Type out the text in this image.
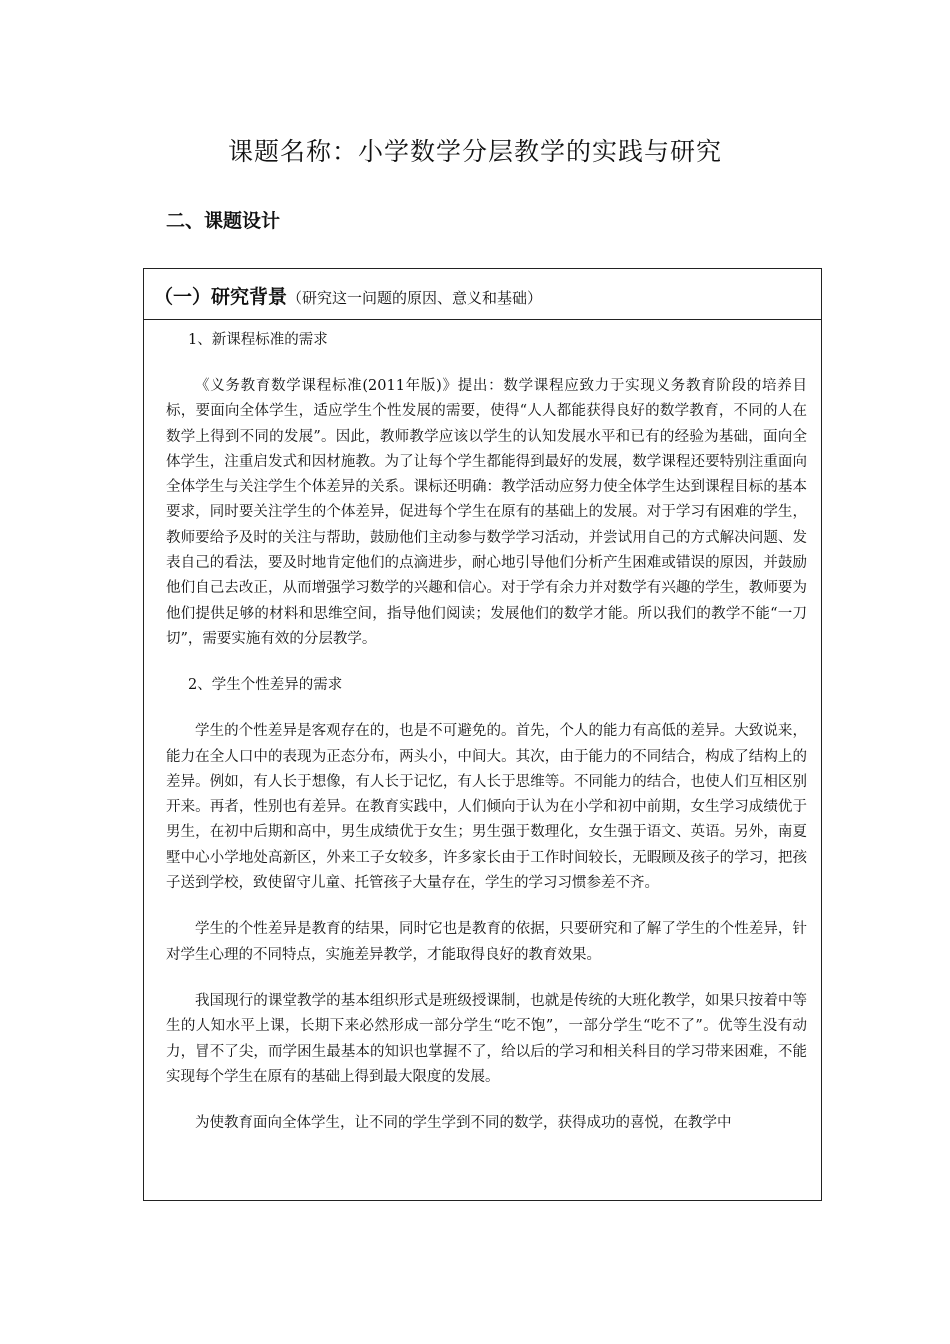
课题名称：小学数学分层教学的实践与研究
二、课题设计
（一）研究背景（研究这一问题的原因、意义和基础）

1、新课程标准的需求

《义务教育数学课程标准(2011年版)》提出：数学课程应致力于实现义务教育阶段的培养目标，要面向全体学生，适应学生个性发展的需要，使得“人人都能获得良好的数学教育，不同的人在数学上得到不同的发展”。因此，教师教学应该以学生的认知发展水平和已有的经验为基础，面向全体学生，注重启发式和因材施教。为了让每个学生都能得到最好的发展，数学课程还要特别注重面向全体学生与关注学生个体差异的关系。课标还明确：教学活动应努力使全体学生达到课程目标的基本要求，同时要关注学生的个体差异，促进每个学生在原有的基础上的发展。对于学习有困难的学生，教师要给予及时的关注与帮助，鼓励他们主动参与数学学习活动，并尝试用自己的方式解决问题、发表自己的看法，要及时地肯定他们的点滴进步，耐心地引导他们分析产生困难或错误的原因，并鼓励他们自己去改正，从而增强学习数学的兴趣和信心。对于学有余力并对数学有兴趣的学生，教师要为他们提供足够的材料和思维空间，指导他们阅读；发展他们的数学才能。所以我们的教学不能“一刀切”，需要实施有效的分层教学。

2、学生个性差异的需求

学生的个性差异是客观存在的，也是不可避免的。首先，个人的能力有高低的差异。大致说来，能力在全人口中的表现为正态分布，两头小，中间大。其次，由于能力的不同结合，构成了结构上的差异。例如，有人长于想像，有人长于记忆，有人长于思维等。不同能力的结合，也使人们互相区别开来。再者，性别也有差异。在教育实践中，人们倾向于认为在小学和初中前期，女生学习成绩优于男生，在初中后期和高中，男生成绩优于女生；男生强于数理化，女生强于语文、英语。另外，南夏墅中心小学地处高新区，外来工子女较多，许多家长由于工作时间较长，无暇顾及孩子的学习，把孩子送到学校，致使留守儿童、托管孩子大量存在，学生的学习习惯参差不齐。

学生的个性差异是教育的结果，同时它也是教育的依据，只要研究和了解了学生的个性差异，针对学生心理的不同特点，实施差异教学，才能取得良好的教育效果。

我国现行的课堂教学的基本组织形式是班级授课制，也就是传统的大班化教学，如果只按着中等生的人知水平上课，长期下来必然形成一部分学生“吃不饱”，一部分学生“吃不了”。优等生没有动力，冒不了尖，而学困生最基本的知识也掌握不了，给以后的学习和相关科目的学习带来困难，不能实现每个学生在原有的基础上得到最大限度的发展。

为使教育面向全体学生，让不同的学生学到不同的数学，获得成功的喜悦，在教学中
